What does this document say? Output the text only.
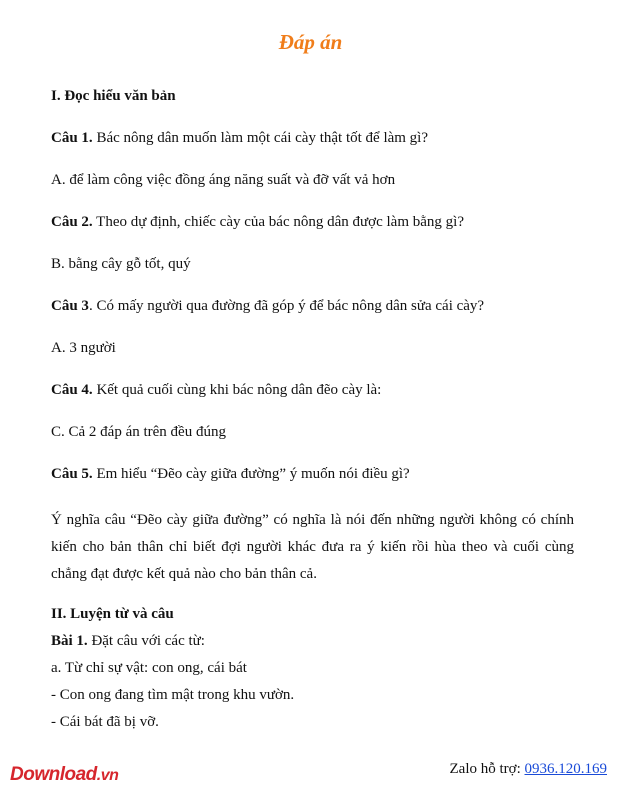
Đáp án
I. Đọc hiểu văn bản
Câu 1. Bác nông dân muốn làm một cái cày thật tốt để làm gì?
A. để làm công việc đồng áng năng suất và đỡ vất vả hơn
Câu 2. Theo dự định, chiếc cày của bác nông dân được làm bằng gì?
B. bằng cây gỗ tốt, quý
Câu 3. Có mấy người qua đường đã góp ý để bác nông dân sửa cái cày?
A. 3 người
Câu 4. Kết quả cuối cùng khi bác nông dân đẽo cày là:
C. Cả 2 đáp án trên đều đúng
Câu 5. Em hiểu “Đẽo cày giữa đường” ý muốn nói điều gì?
Ý nghĩa câu “Đẽo cày giữa đường” có nghĩa là nói đến những người không có chính kiến cho bản thân chỉ biết đợi người khác đưa ra ý kiến rồi hùa theo và cuối cùng chẳng đạt được kết quả nào cho bản thân cả.
II. Luyện từ và câu
Bài 1. Đặt câu với các từ:
a. Từ chỉ sự vật: con ong, cái bát
- Con ong đang tìm mật trong khu vườn.
- Cái bát đã bị vỡ.
Download.vn	Zalo hỗ trợ: 0936.120.169
